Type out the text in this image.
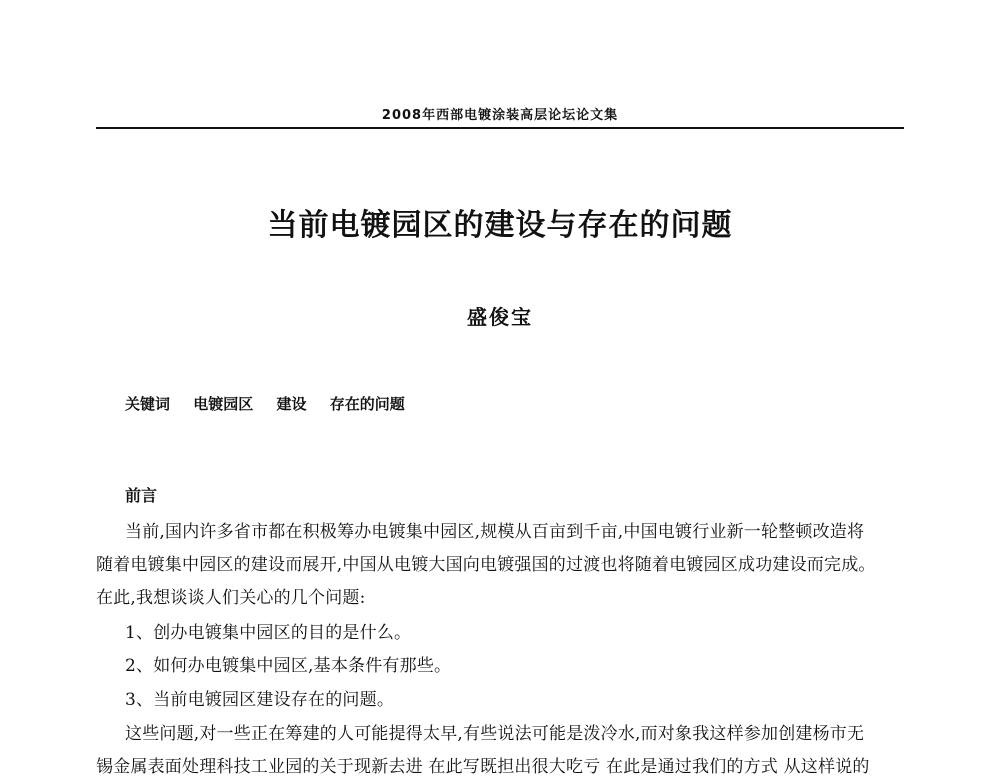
2008年西部电镀涂装高层论坛论文集
当前电镀园区的建设与存在的问题
盛俊宝
关键词 电镀园区 建设 存在的问题
前言
当前,国内许多省市都在积极筹办电镀集中园区,规模从百亩到千亩,中国电镀行业新一轮整顿改造将
随着电镀集中园区的建设而展开,中国从电镀大国向电镀强国的过渡也将随着电镀园区成功建设而完成。
在此,我想谈谈人们关心的几个问题:
1、创办电镀集中园区的目的是什么。
2、如何办电镀集中园区,基本条件有那些。
3、当前电镀园区建设存在的问题。
这些问题,对一些正在筹建的人可能提得太早,有些说法可能是泼冷水,而对象我这样参加创建杨市无
锡金属表面处理科技工业园的关于现新去进 在此写既担出很大吃亏 在此是通过我们的方式 从这样说的
